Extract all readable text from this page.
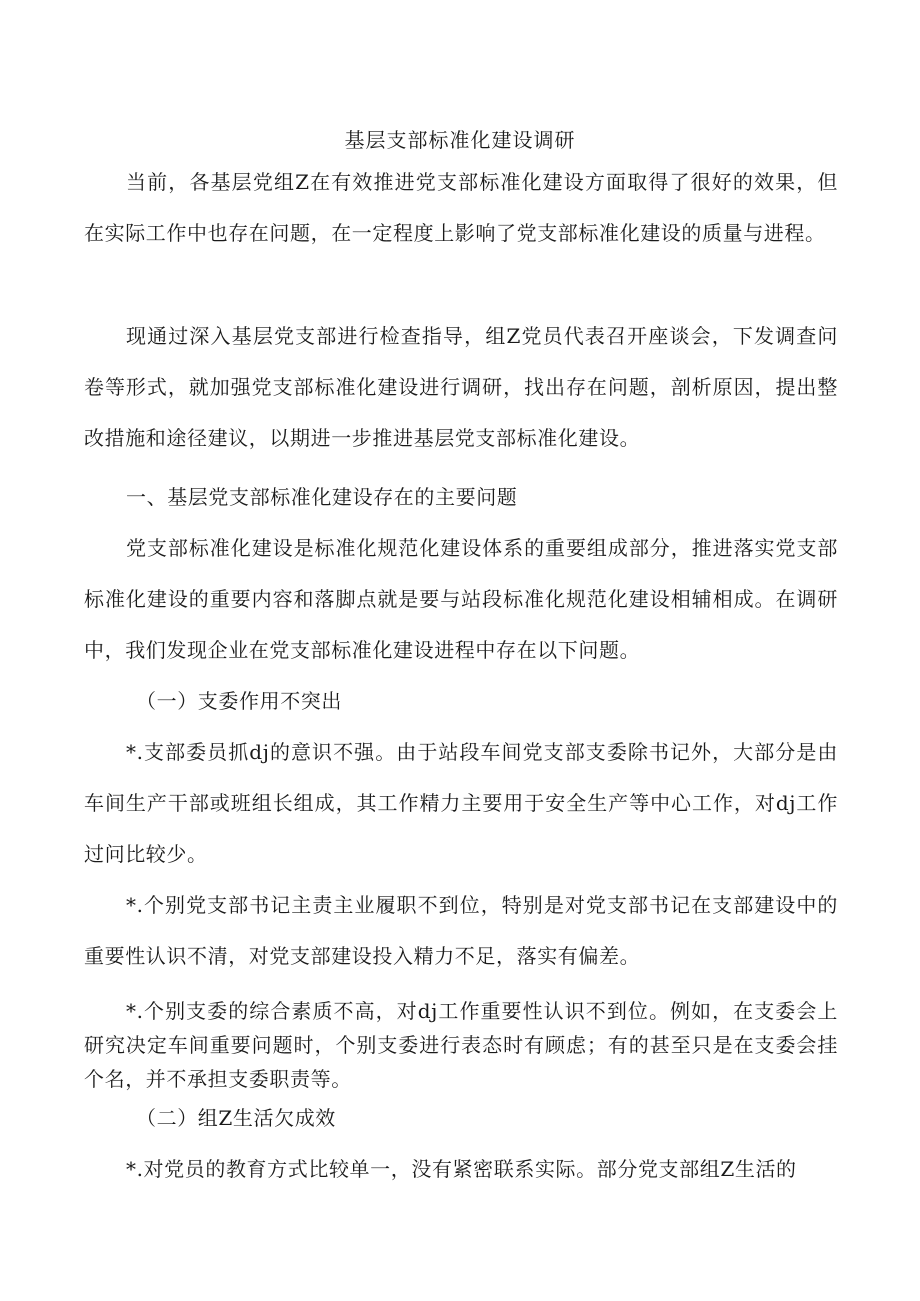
基层支部标准化建设调研

当前，各基层党组Z在有效推进党支部标准化建设方面取得了很好的效果，但在实际工作中也存在问题，在一定程度上影响了党支部标准化建设的质量与进程。

现通过深入基层党支部进行检查指导，组Z党员代表召开座谈会，下发调查问卷等形式，就加强党支部标准化建设进行调研，找出存在问题，剖析原因，提出整改措施和途径建议，以期进一步推进基层党支部标准化建设。

一、基层党支部标准化建设存在的主要问题

党支部标准化建设是标准化规范化建设体系的重要组成部分，推进落实党支部标准化建设的重要内容和落脚点就是要与站段标准化规范化建设相辅相成。在调研中，我们发现企业在党支部标准化建设进程中存在以下问题。

（一）支委作用不突出

*.支部委员抓dj的意识不强。由于站段车间党支部支委除书记外，大部分是由车间生产干部或班组长组成，其工作精力主要用于安全生产等中心工作，对dj工作过问比较少。

*.个别党支部书记主责主业履职不到位，特别是对党支部书记在支部建设中的重要性认识不清，对党支部建设投入精力不足，落实有偏差。

*.个别支委的综合素质不高，对dj工作重要性认识不到位。例如，在支委会上研究决定车间重要问题时，个别支委进行表态时有顾虑；有的甚至只是在支委会挂个名，并不承担支委职责等。

（二）组Z生活欠成效

*.对党员的教育方式比较单一，没有紧密联系实际。部分党支部组Z生活的
